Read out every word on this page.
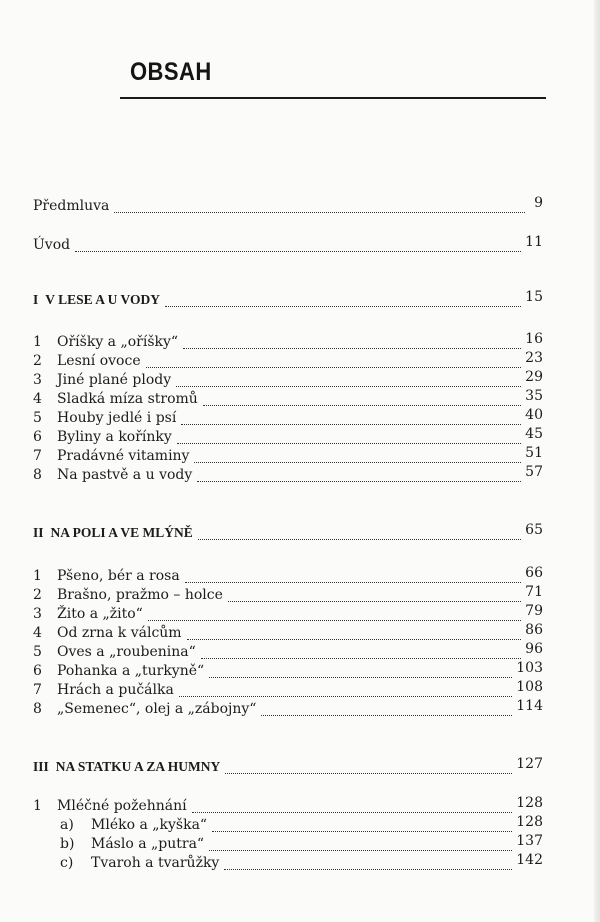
OBSAH
Předmluva	9
Úvod	11
I V LESE A U VODY	15
1	Oříšky a „oříšky“	16
2	Lesní ovoce	23
3	Jiné plané plody	29
4	Sladká míza stromů	35
5	Houby jedlé i psí	40
6	Byliny a kořínky	45
7	Pradávné vitaminy	51
8	Na pastvě a u vody	57
II NA POLI A VE MLÝNĚ	65
1	Pšeno, bér a rosa	66
2	Brašno, pražmo – holce	71
3	Žito a „žito“	79
4	Od zrna k válcům	86
5	Oves a „roubenina“	96
6	Pohanka a „turkyně“	103
7	Hrách a pučálka	108
8	„Semenec“, olej a „zábojny“	114
III NA STATKU A ZA HUMNY	127
1	Mléčné požehnání	128
a)	Mléko a „kyška“	128
b)	Máslo a „putra“	137
c)	Tvaroh a tvarůžky	142
